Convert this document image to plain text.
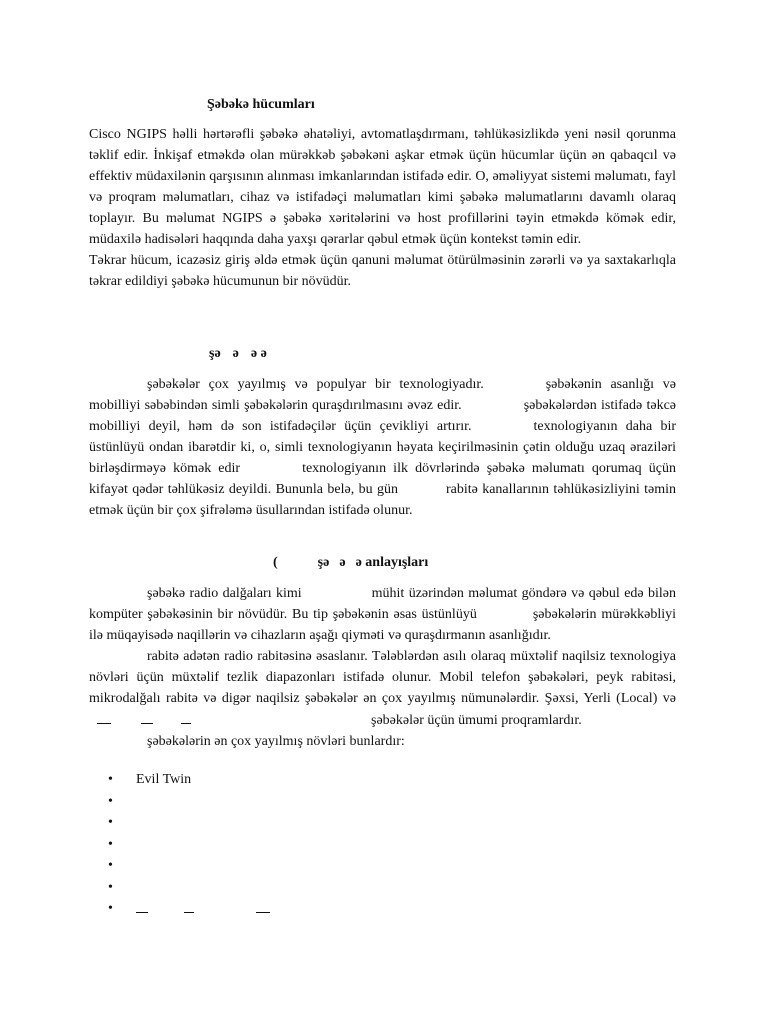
Şəbəkə hücumları

Cisco NGIPS həlli hərtərəfli şəbəkə əhatəliyi, avtomatlaşdırmanı, təhlükəsizlikdə yeni nəsil qorunma təklif edir. İnkişaf etməkdə olan mürəkkəb şəbəkəni aşkar etmək üçün hücumlar üçün ən qabaqcıl və effektiv müdaxilənin qarşısının alınması imkanlarından istifadə edir. O, əməliyyat sistemi məlumatı, fayl və proqram məlumatları, cihaz və istifadəçi məlumatları kimi şəbəkə məlumatlarını davamlı olaraq toplayır. Bu məlumat NGIPS ə şəbəkə xəritələrini və host profillərini təyin etməkdə kömək edir, müdaxilə hadisələri haqqında daha yaxşı qərarlar qəbul etmək üçün kontekst təmin edir.

Təkrar hücum, icazəsiz giriş əldə etmək üçün qanuni məlumat ötürülməsinin zərərli və ya saxtakarlıqla təkrar edildiyi şəbəkə hücumunun bir növüdür.

şə ə ə ə

şəbəkələr çox yayılmış və populyar bir texnologiyadır.	şəbəkənin asanlığı və mobilliyi səbəbindən simli şəbəkələrin quraşdırılmasını əvəz edir.	şəbəkələrdən istifadə təkcə mobilliyi deyil, həm də son istifadəçilər üçün çevikliyi artırır.	texnologiyanın daha bir üstünlüyü ondan ibarətdir ki, o, simli texnologiyanın həyata keçirilməsinin çətin olduğu uzaq əraziləri birləşdirməyə kömək edir	texnologiyanın ilk dövrlərində şəbəkə məlumatı qorumaq üçün kifayət qədər təhlükəsiz deyildi. Bununla belə, bu gün	rabitə kanallarının təhlükəsizliyini təmin etmək üçün bir çox şifrələmə üsullarından istifadə olunur.

(	şə ə ə anlayışları

şəbəkə radio dalğaları kimi	mühit üzərindən məlumat göndərə və qəbul edə bilən kompüter şəbəkəsinin bir növüdür. Bu tip şəbəkənin əsas üstünlüyü	şəbəkələrin mürəkkəbliyi ilə müqayisədə naqillərin və cihazların aşağı qiyməti və quraşdırmanın asanlığıdır.

rabitə adətən radio rabitəsinə əsaslanır. Tələblərdən asılı olaraq müxtəlif naqilsiz texnologiya növləri üçün müxtəlif tezlik diapazonları istifadə olunur. Mobil telefon şəbəkələri, peyk rabitəsi, mikrodalğalı rabitə və digər naqilsiz şəbəkələr ən çox yayılmış nümunələrdir. Şəxsi, Yerli (Local) və şəbəkələr üçün ümumi proqramlardır.

şəbəkələrin ən çox yayılmış növləri bunlardır:

• Evil Twin
•
•
•
•
•
•
